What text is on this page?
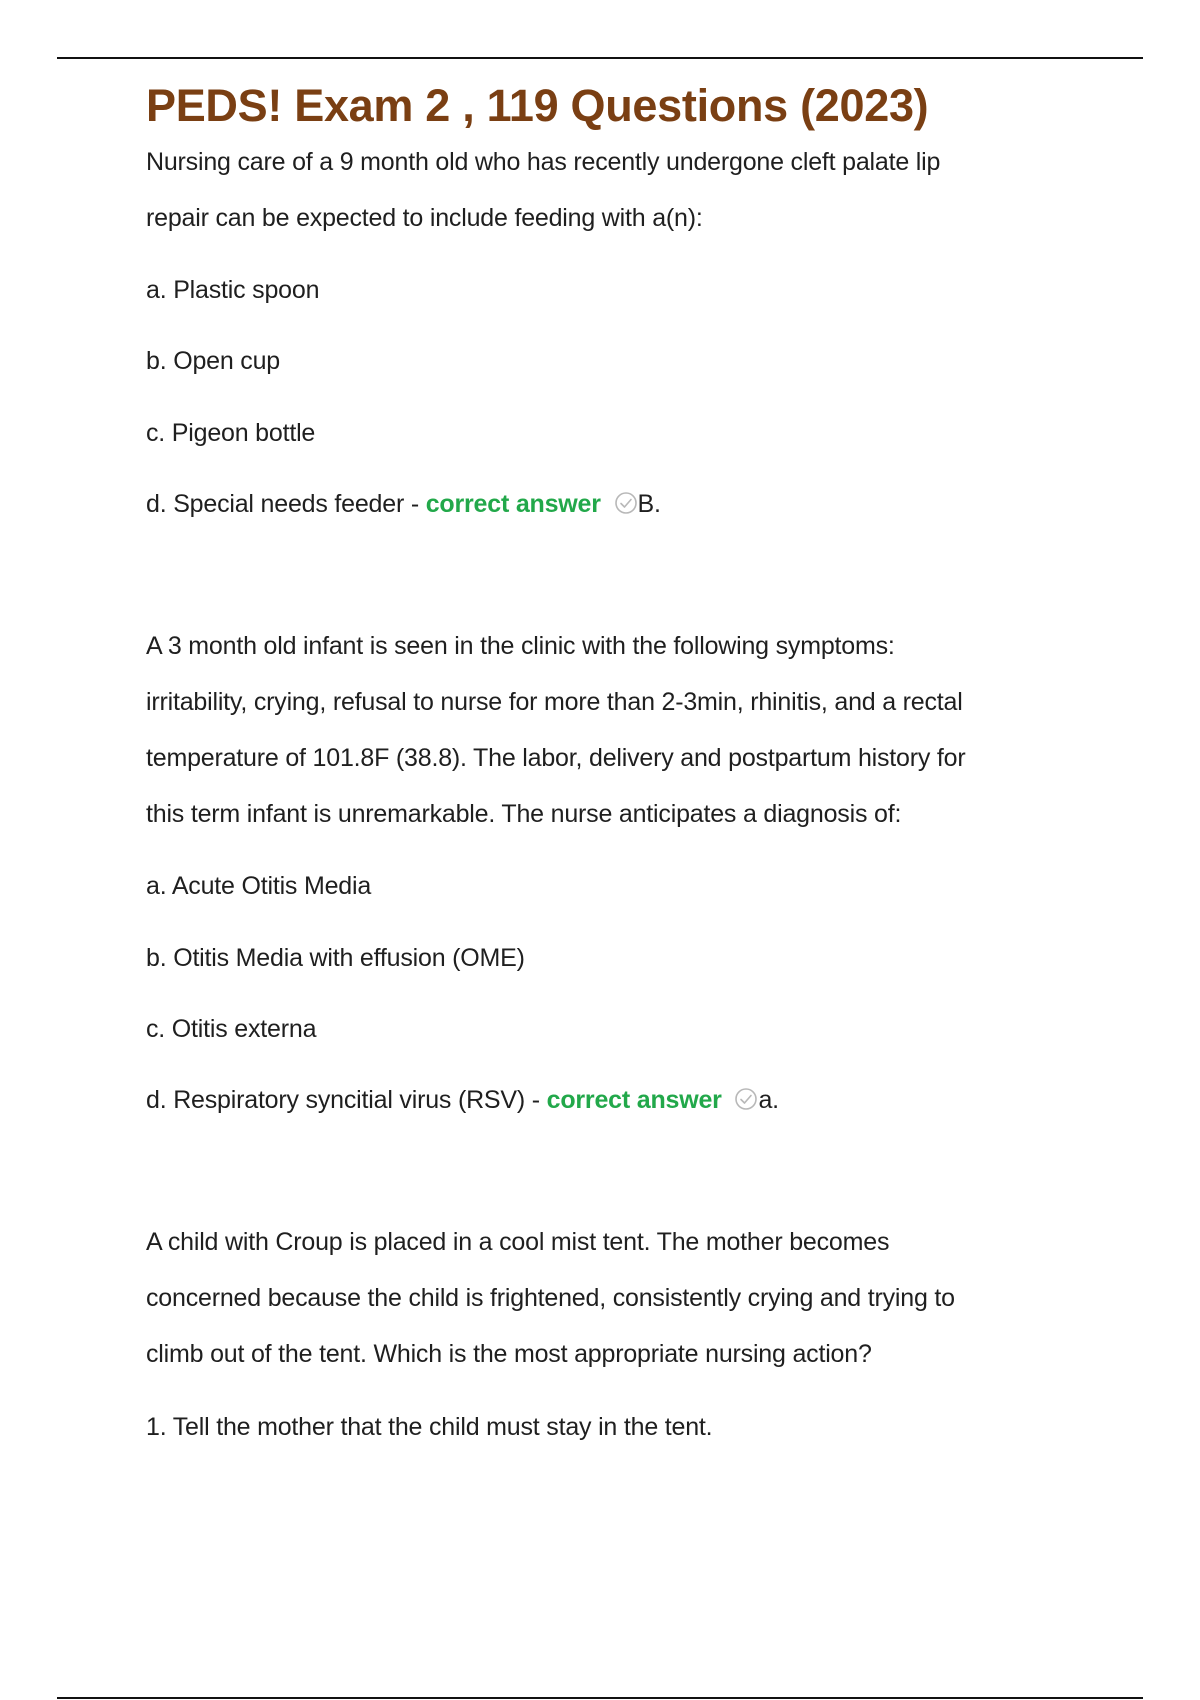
PEDS! Exam 2 , 119 Questions (2023)

Nursing care of a 9 month old who has recently undergone cleft palate lip

repair can be expected to include feeding with a(n):

a. Plastic spoon

b. Open cup

c. Pigeon bottle

d. Special needs feeder - correct answer B.

A 3 month old infant is seen in the clinic with the following symptoms:

irritability, crying, refusal to nurse for more than 2-3min, rhinitis, and a rectal

temperature of 101.8F (38.8). The labor, delivery and postpartum history for

this term infant is unremarkable. The nurse anticipates a diagnosis of:

a. Acute Otitis Media

b. Otitis Media with effusion (OME)

c. Otitis externa

d. Respiratory syncitial virus (RSV) - correct answer a.

A child with Croup is placed in a cool mist tent. The mother becomes

concerned because the child is frightened, consistently crying and trying to

climb out of the tent. Which is the most appropriate nursing action?

1. Tell the mother that the child must stay in the tent.
